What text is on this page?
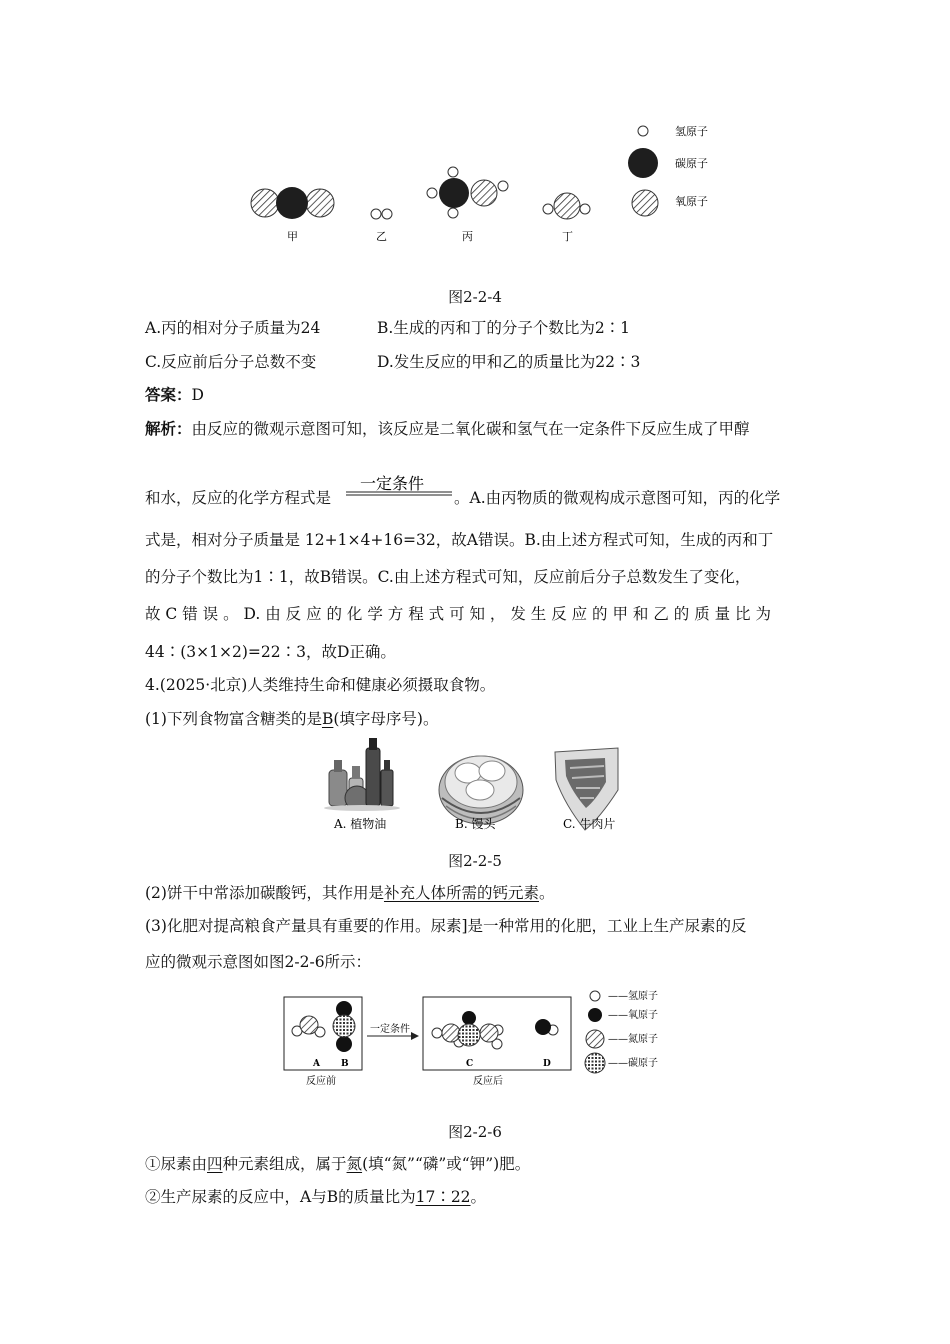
氢原子
碳原子
氧原子
甲	乙	丙	丁
A. 植物油	B. 馒头	C. 牛肉片
一定条件
A B	C	D
反应前	反应后
——氢原子
——氧原子
——氮原子
——碳原子
一定条件
图2-2-4
A.丙的相对分子质量为24	B.生成的丙和丁的分子个数比为2∶1
C.反应前后分子总数不变	D.发生反应的甲和乙的质量比为22∶3
答案：D
解析：由反应的微观示意图可知，该反应是二氧化碳和氢气在一定条件下反应生成了甲醇
和水，反应的化学方程式是	。A.由丙物质的微观构成示意图可知，丙的化学
式是，相对分子质量是 12+1×4+16=32，故A错误。B.由上述方程式可知，生成的丙和丁
的分子个数比为1∶1，故B错误。C.由上述方程式可知，反应前后分子总数发生了变化，
故 C 错 误 。 D. 由 反 应 的 化 学 方 程 式 可 知 ， 发 生 反 应 的 甲 和 乙 的 质 量 比 为
44∶(3×1×2)=22∶3，故D正确。
4.(2025·北京)人类维持生命和健康必须摄取食物。
(1)下列食物富含糖类的是B(填字母序号)。
图2-2-5
(2)饼干中常添加碳酸钙，其作用是补充人体所需的钙元素。
(3)化肥对提高粮食产量具有重要的作用。尿素]是一种常用的化肥，工业上生产尿素的反
应的微观示意图如图2-2-6所示：
图2-2-6
①尿素由四种元素组成，属于氮(填“氮”“磷”或“钾”)肥。
②生产尿素的反应中，A与B的质量比为17∶22。
